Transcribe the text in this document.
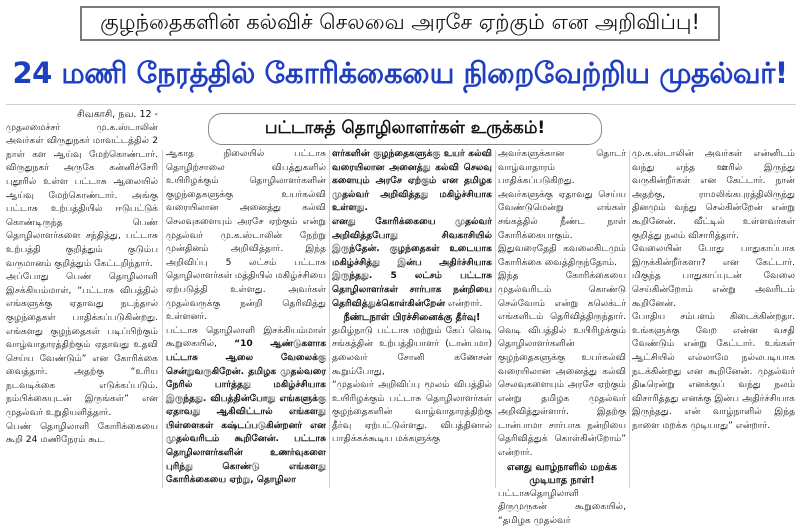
குழந்தைகளின் கல்விச் செலவை அரசே ஏற்கும் என அறிவிப்பு!
24 மணி நேரத்தில் கோரிக்கையை நிறைவேற்றிய முதல்வர்!

சிவகாசி, நவ. 12 -

முதலமைச்சர் மு.க.ஸ்டாலின் அவர்கள் விருதுநகர் மாவட்டத்தில் 2 நாள் கள ஆய்வு மேற்கொண்டார். விருதுநகர் அருகே கன்னிச்சேரி புதூரில் உள்ள பட்டாசு ஆலையில் ஆய்வு மேற்கொண்டார். அங்கு பட்டாசு உற்பத்தியில் ஈடுபட்டுக் கொண்டிருந்த பெண் தொழிலாளர்களை சந்தித்து, பட்டாசு உற்பத்தி குறித்தும் குடும்ப வருமானம் குறித்தும் கேட்டறிந்தார்.

அப்போது பெண் தொழிலாளி இசக்கியம்மாள், “பட்டாசு விபத்தில் எங்களுக்கு ஏதாவது நடந்தால் குழந்தைகள் பாதிக்கப்படுகின்றது. எங்களது குழந்தைகள் படிப்பிற்கும் வாழ்வாதாரத்திற்கும் ஏதாவது உதவி செய்ய வேண்டும்” என கோரிக்கை வைத்தார். அதற்கு “உரிய நடவடிக்கை எடுக்கப்படும். நம்பிக்கையுடன் இருங்கள்” என முதல்வர் உறுதியளித்தார்.

பெண் தொழிலாளி கோரிக்கையை கூறி 24 மணிநேரம் கூட

பட்டாசுத் தொழிலாளர்கள் உருக்கம்!

ஆகாத நிலையில் பட்டாசு தொழிற்சாலை விபத்துகளில் உயிரிழக்கும் தொழிலாளர்களின் குழந்தைகளுக்கு உயர்கல்வி வரையிலான அனைத்து கல்வி செலவுகளையும் அரசே ஏற்கும் என்று முதல்வர் மு.க.ஸ்டாலின் நேற்று முன்தினம் அறிவித்தார். இந்த அறிவிப்பு 5 லட்சம் பட்டாசு தொழிலாளர்கள் மத்தியில் மகிழ்ச்சியை ஏற்படுத்தி உள்ளது. அவர்கள் முதல்வருக்கு நன்றி தெரிவித்து உள்ளனர்.

பட்டாசு தொழிலாளி இசக்கியம்மாள் கூறுகையில், “10 ஆண்டுகளாக பட்டாசு ஆலை வேலைக்கு சென்றுவருகிறேன். தமிழக முதல்வரை நேரில் பார்த்தது மகிழ்ச்சியாக இருந்தது. விபத்தின்போது எங்களுக்கு ஏதாவது ஆகிவிட்டால் எங்களது பிள்ளைகள் கஷ்டப்படுகின்றனர் என முதல்வரிடம் கூறினேன். பட்டாசு தொழிலாளர்களின் உணர்வுகளை புரிந்து கொண்டு எங்களது கோரிக்கையை ஏற்று, தொழிலா

ளர்களின் குழந்தைகளுக்கு உயர் கல்வி வரையிலான அனைத்து கல்வி செலவு களையும் அரசே ஏற்கும் என தமிழக முதல்வர் அறிவித்தது மகிழ்ச்சியாக உள்ளது.

எனது கோரிக்கையை முதல்வர் அறிவித்தபோது சிவகாசியில் இருந்தேன். குழந்தைகள் உடையாக மகிழ்ச்சித்து இன்ப அதிர்ச்சியாக இருந்தது. 5 லட்சம் பட்டாசு தொழிலாளர்கள் சார்பாக நன்றியை தெரிவித்துக்கொள்கின்றேன் என்றார்.

நீண்டநாள் பிரச்சினைக்கு தீர்வு!

தமிழ்நாடு பட்டாசு மற்றும் கேப் வெடி சங்கத்தின் உற்பத்தியாளர் (டான்பமா) தலைவர் சோனி கணேசன் கூறும்போது,

“முதல்வர் அறிவிப்பு மூலம் விபத்தில் உயிரிழக்கும் பட்டாசு தொழிலாளர்கள் குழந்தைகளின் வாழ்வாதாரத்திற்கு தீர்வு ஏற்பட்டுள்ளது. விபத்தினால் பாதிக்கக்கூடிய மக்களுக்கு

அவர்களுக்கான தொடர் வாழ்வாதாரம் பாதிக்கப்படுகிறது. அவர்களுக்கு ஏதாவது செய்ய வேண்டுமென்று எங்கள் சங்கத்தில் நீண்ட நாள் கோரிக்கையாகும். இதுவரைதேதி கவலைகிடமும் கோரிக்கை வைத்திருந்தோம்.

இந்த கோரிக்கையை முதல்வரிடம் கொண்டு செல்வோம் என்று கலெக்டர் எங்களிடம் தெரிவித்திருந்தார். வெடி விபத்தில் உயிரிழக்கும் தொழிலாளர்களின் குழந்தைகளுக்கு உயர்கல்வி வரையிலான அனைத்து கல்வி செலவுகளையும் அரசே ஏற்கும் என்று தமிழக முதல்வர் அறிவித்துள்ளார். இதற்கு டான்பாமா சார்பாக நன்றியை தெரிவித்துக் கொள்கின்றோம்” என்றார்.

எனது வாழ்நாளில் மறக்க முடியாத நாள்!

பட்டாசுதொழிலாளி திருமுருகன் கூறுகையில், “தமிழக முதல்வர்

மு.க.ஸ்டாலின் அவர்கள் என்னிடம் வந்து எந்த ஊரில் இருந்து வருகின்றீர்கள் என கேட்டார். நான் அதற்கு, ராமலிங்கபுரத்திலிருந்து தினமும் வந்து செல்கின்றேன் என்று கூறினேன். வீட்டில் உள்ளவர்கள் குறித்து நலம் விசாரித்தார்.

வேலையின் போது பாதுகாப்பாக இருக்கின்றீர்களா? என கேட்டார். மிகுந்த பாதுகாப்புடன் வேலை செய்கின்றோம் என்று அவரிடம் கூறினேன்.

போதிய சம்பளம் கிடைக்கின்றதா. உங்களுக்கு வேற என்ன வசதி வேண்டும் என்று கேட்டார். உங்கள் ஆட்சியில் எல்லாமே நல்லபடியாக நடக்கின்றது என கூறினேன். முதல்வர் திடீரென்று எனக்குப் வந்து நலம் விசாரித்தது எனக்கு இன்ப அதிர்ச்சியாக இருந்தது. என் வாழ்நாளில் இந்த நாளை மறக்க முடியாது” என்றார்.
